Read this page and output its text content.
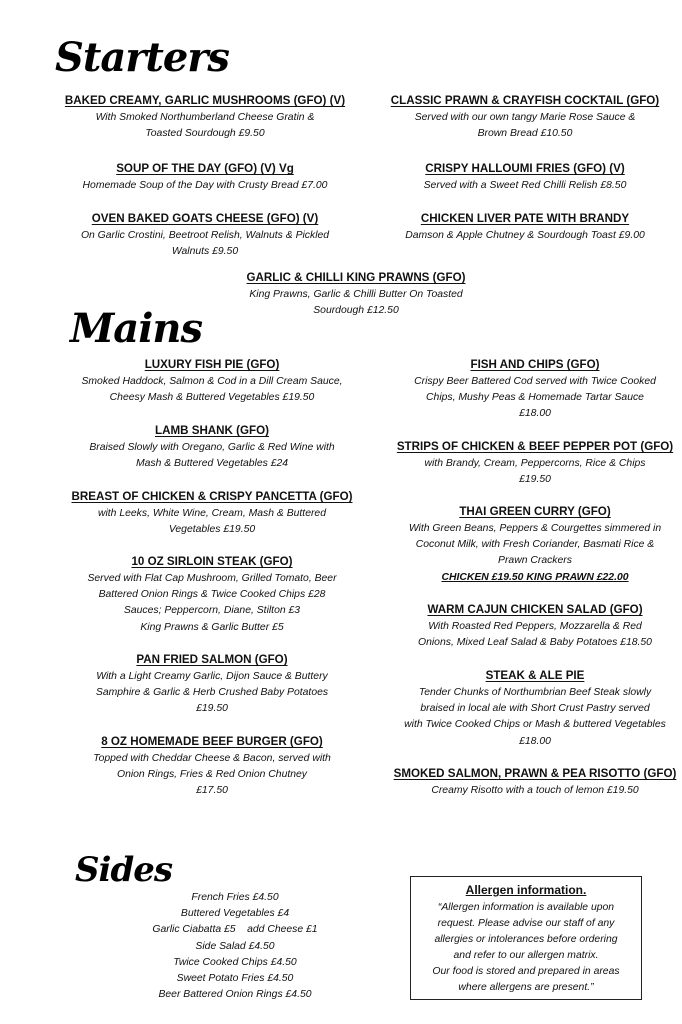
Starters
Mains
Sides
BAKED CREAMY, GARLIC MUSHROOMS (GFO) (V)
With Smoked Northumberland Cheese Gratin &
Toasted Sourdough £9.50
CLASSIC PRAWN & CRAYFISH COCKTAIL (GFO)
Served with our own tangy Marie Rose Sauce &
Brown Bread £10.50
SOUP OF THE DAY (GFO) (V) Vg
Homemade Soup of the Day with Crusty Bread £7.00
CRISPY HALLOUMI FRIES (GFO) (V)
Served with a Sweet Red Chilli Relish £8.50
OVEN BAKED GOATS CHEESE (GFO) (V)
On Garlic Crostini, Beetroot Relish, Walnuts & Pickled
Walnuts £9.50
CHICKEN LIVER PATE WITH BRANDY
Damson & Apple Chutney & Sourdough Toast £9.00
GARLIC & CHILLI KING PRAWNS (GFO)
King Prawns, Garlic & Chilli Butter On Toasted
Sourdough £12.50
LUXURY FISH PIE (GFO)
Smoked Haddock, Salmon & Cod in a Dill Cream Sauce,
Cheesy Mash & Buttered Vegetables £19.50
LAMB SHANK (GFO)
Braised Slowly with Oregano, Garlic & Red Wine with
Mash & Buttered Vegetables £24
BREAST OF CHICKEN & CRISPY PANCETTA (GFO)
with Leeks, White Wine, Cream, Mash & Buttered
Vegetables £19.50
10 OZ SIRLOIN STEAK (GFO)
Served with Flat Cap Mushroom, Grilled Tomato, Beer
Battered Onion Rings & Twice Cooked Chips £28
Sauces; Peppercorn, Diane, Stilton £3
King Prawns & Garlic Butter £5
PAN FRIED SALMON (GFO)
With a Light Creamy Garlic, Dijon Sauce & Buttery
Samphire & Garlic & Herb Crushed Baby Potatoes
£19.50
8 OZ HOMEMADE BEEF BURGER (GFO)
Topped with Cheddar Cheese & Bacon, served with
Onion Rings, Fries & Red Onion Chutney
£17.50
FISH AND CHIPS (GFO)
Crispy Beer Battered Cod served with Twice Cooked
Chips, Mushy Peas & Homemade Tartar Sauce
£18.00
STRIPS OF CHICKEN & BEEF PEPPER POT (GFO)
with Brandy, Cream, Peppercorns, Rice & Chips
£19.50
THAI GREEN CURRY (GFO)
With Green Beans, Peppers & Courgettes simmered in
Coconut Milk, with Fresh Coriander, Basmati Rice &
Prawn Crackers
CHICKEN £19.50 KING PRAWN £22.00
WARM CAJUN CHICKEN SALAD (GFO)
With Roasted Red Peppers, Mozzarella & Red
Onions, Mixed Leaf Salad & Baby Potatoes £18.50
STEAK & ALE PIE
Tender Chunks of Northumbrian Beef Steak slowly
braised in local ale with Short Crust Pastry served
with Twice Cooked Chips or Mash & buttered Vegetables
£18.00
SMOKED SALMON, PRAWN & PEA RISOTTO (GFO)
Creamy Risotto with a touch of lemon £19.50
French Fries £4.50
Buttered Vegetables £4
Garlic Ciabatta £5    add Cheese £1
Side Salad £4.50
Twice Cooked Chips £4.50
Sweet Potato Fries £4.50
Beer Battered Onion Rings £4.50
Allergen information.
“Allergen information is available upon
request. Please advise our staff of any
allergies or intolerances before ordering
and refer to our allergen matrix.
Our food is stored and prepared in areas
where allergens are present.”
